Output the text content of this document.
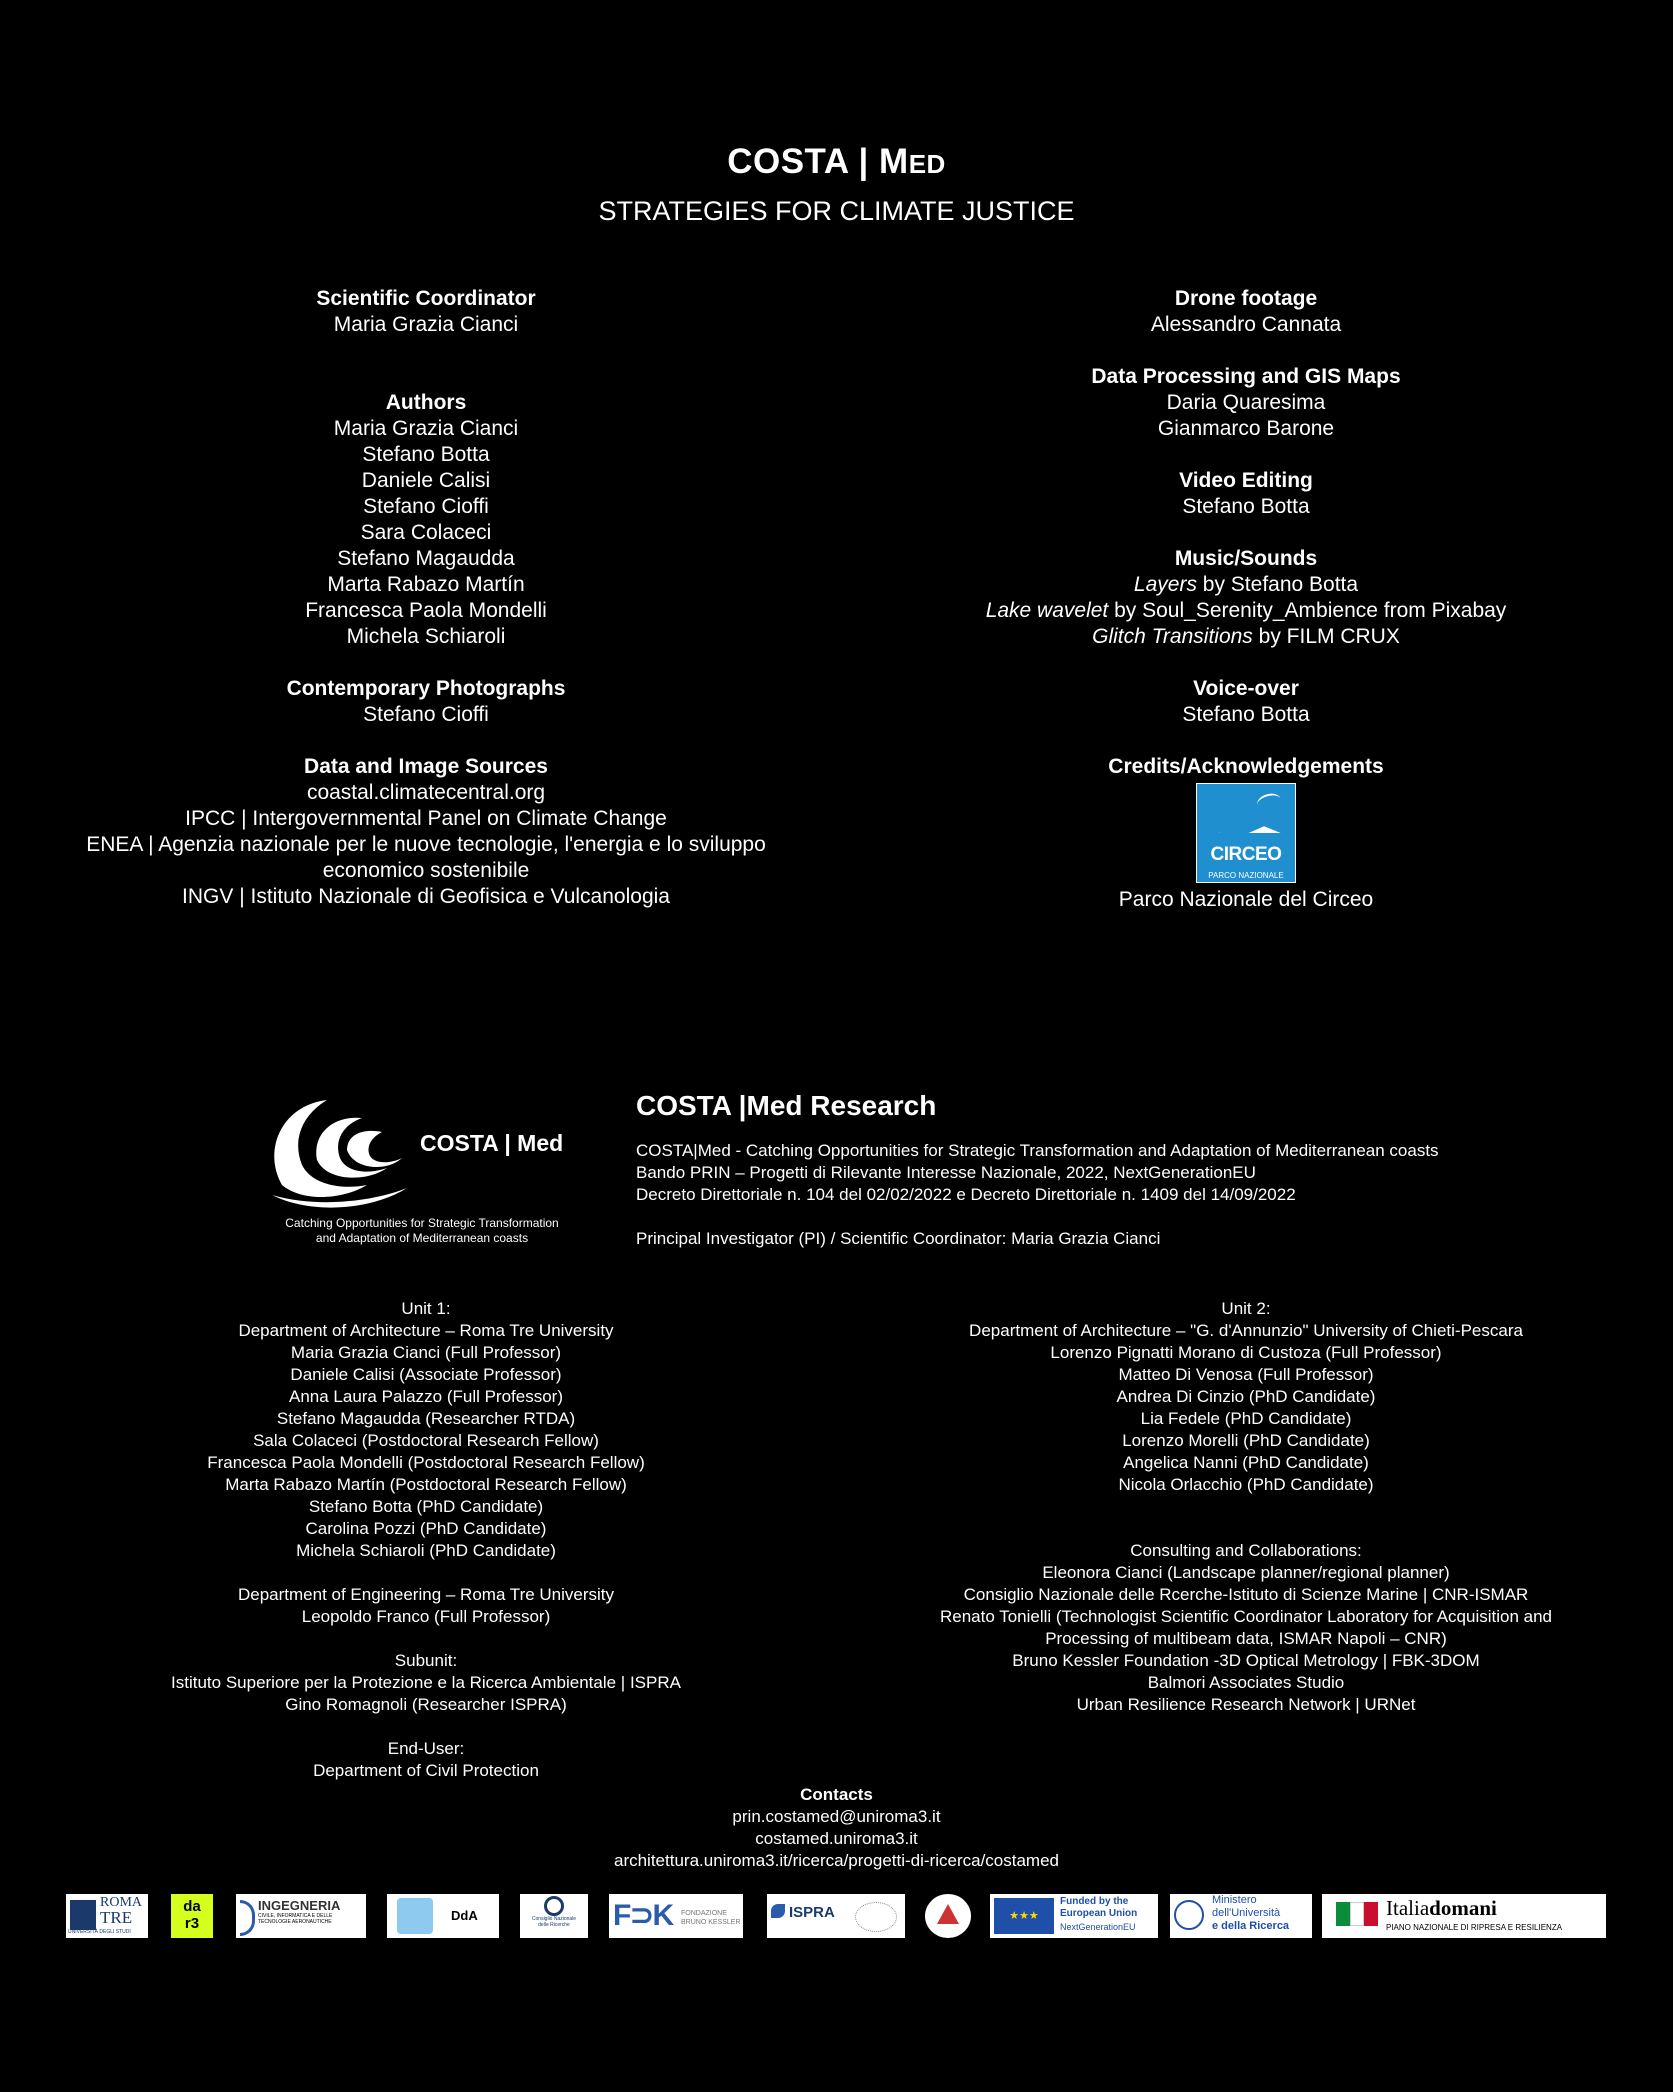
COSTA | MED
STRATEGIES FOR CLIMATE JUSTICE
Scientific Coordinator
Maria Grazia Cianci
Authors
Maria Grazia Cianci
Stefano Botta
Daniele Calisi
Stefano Cioffi
Sara Colaceci
Stefano Magaudda
Marta Rabazo Martín
Francesca Paola Mondelli
Michela Schiaroli
Contemporary Photographs
Stefano Cioffi
Data and Image Sources
coastal.climatecentral.org
IPCC | Intergovernmental Panel on Climate Change
ENEA | Agenzia nazionale per le nuove tecnologie, l'energia e lo sviluppo
economico sostenibile
INGV | Istituto Nazionale di Geofisica e Vulcanologia
Drone footage
Alessandro Cannata
Data Processing and GIS Maps
Daria Quaresima
Gianmarco Barone
Video Editing
Stefano Botta
Music/Sounds
Layers by Stefano Botta
Lake wavelet by Soul_Serenity_Ambience from Pixabay
Glitch Transitions by FILM CRUX
Voice-over
Stefano Botta
Credits/Acknowledgements
CIRCEO
PARCO NAZIONALE
Parco Nazionale del Circeo
COSTA | Med
Catching Opportunities for Strategic Transformation
and Adaptation of Mediterranean coasts
COSTA |Med Research
COSTA|Med - Catching Opportunities for Strategic Transformation and Adaptation of Mediterranean coasts
Bando PRIN – Progetti di Rilevante Interesse Nazionale, 2022, NextGenerationEU
Decreto Direttoriale n. 104 del 02/02/2022 e Decreto Direttoriale n. 1409 del 14/09/2022
Principal Investigator (PI) / Scientific Coordinator: Maria Grazia Cianci
Unit 1:
Department of Architecture – Roma Tre University
Maria Grazia Cianci (Full Professor)
Daniele Calisi (Associate Professor)
Anna Laura Palazzo (Full Professor)
Stefano Magaudda (Researcher RTDA)
Sala Colaceci (Postdoctoral Research Fellow)
Francesca Paola Mondelli (Postdoctoral Research Fellow)
Marta Rabazo Martín (Postdoctoral Research Fellow)
Stefano Botta (PhD Candidate)
Carolina Pozzi (PhD Candidate)
Michela Schiaroli (PhD Candidate)
Department of Engineering – Roma Tre University
Leopoldo Franco (Full Professor)
Subunit:
Istituto Superiore per la Protezione e la Ricerca Ambientale | ISPRA
Gino Romagnoli (Researcher ISPRA)
End-User:
Department of Civil Protection
Unit 2:
Department of Architecture – "G. d'Annunzio" University of Chieti-Pescara
Lorenzo Pignatti Morano di Custoza (Full Professor)
Matteo Di Venosa (Full Professor)
Andrea Di Cinzio (PhD Candidate)
Lia Fedele (PhD Candidate)
Lorenzo Morelli (PhD Candidate)
Angelica Nanni (PhD Candidate)
Nicola Orlacchio (PhD Candidate)
Consulting and Collaborations:
Eleonora Cianci (Landscape planner/regional planner)
Consiglio Nazionale delle Rcerche-Istituto di Scienze Marine | CNR-ISMAR
Renato Tonielli (Technologist Scientific Coordinator Laboratory for Acquisition and
Processing of multibeam data, ISMAR Napoli – CNR)
Bruno Kessler Foundation -3D Optical Metrology | FBK-3DOM
Balmori Associates Studio
Urban Resilience Research Network | URNet
Contacts
prin.costamed@uniroma3.it
costamed.uniroma3.it
architettura.uniroma3.it/ricerca/progetti-di-ricerca/costamed
ROMA
TRE
UNIVERSITÀ DEGLI STUDI
da
r3
INGEGNERIA
CIVILE, INFORMATICA E DELLE
TECNOLOGIE AERONAUTICHE	DdA	Consiglio Nazionale
delle Ricerche	F⊃K FONDAZIONE
BRUNO KESSLER
ISPRA	★★★
Funded by the
European Union
NextGenerationEU
Ministero
dell'Università
e della Ricerca
Italiadomani
PIANO NAZIONALE DI RIPRESA E RESILIENZA
